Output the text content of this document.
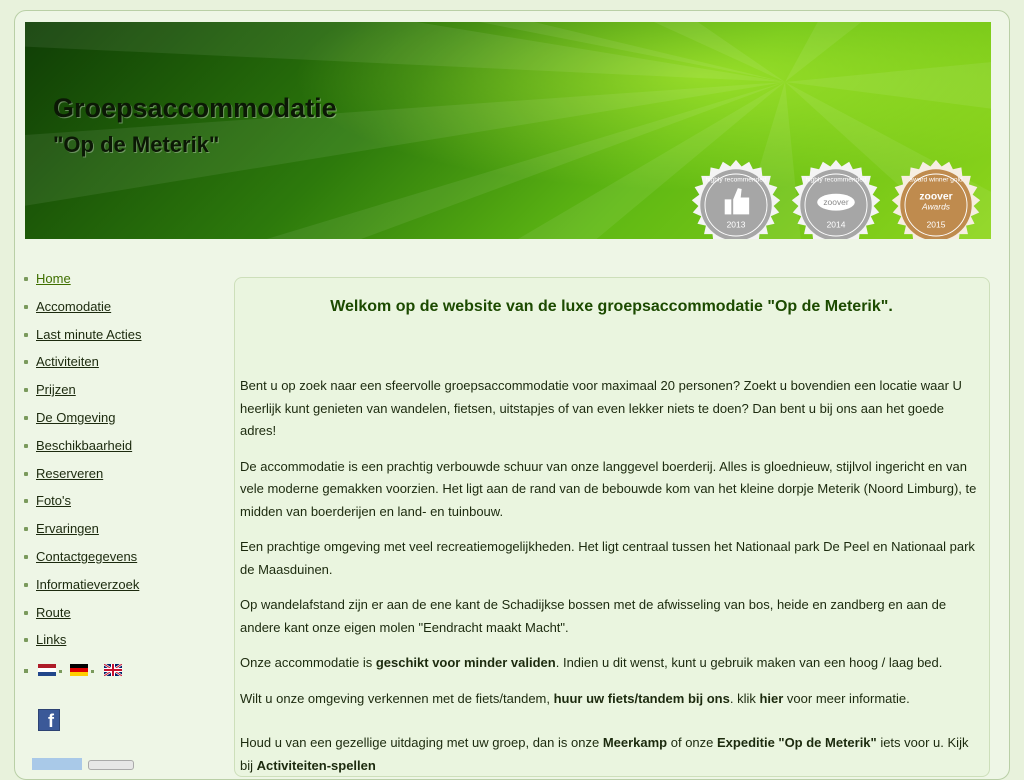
Groepsaccommodatie
"Op de Meterik"
highly recommended
2013
highly recommended
zoover
2014
award winner gold
zoover
Awards
2015
Home
Accomodatie
Last minute Acties
Activiteiten
Prijzen
De Omgeving
Beschikbaarheid
Reserveren
Foto's
Ervaringen
Contactgegevens
Informatieverzoek
Route
Links
f
Welkom op de website van de luxe groepsaccommodatie "Op de Meterik".

Bent u op zoek naar een sfeervolle groepsaccommodatie voor maximaal 20 personen? Zoekt u bovendien een locatie waar U heerlijk kunt genieten van wandelen, fietsen, uitstapjes of van even lekker niets te doen? Dan bent u bij ons aan het goede adres!

De accommodatie is een prachtig verbouwde schuur van onze langgevel boerderij. Alles is gloednieuw, stijlvol ingericht en van vele moderne gemakken voorzien. Het ligt aan de rand van de bebouwde kom van het kleine dorpje Meterik (Noord Limburg), te midden van boerderijen en land- en tuinbouw.

Een prachtige omgeving met veel recreatiemogelijkheden. Het ligt centraal tussen het Nationaal park De Peel en Nationaal park de Maasduinen.

Op wandelafstand zijn er aan de ene kant de Schadijkse bossen met de afwisseling van bos, heide en zandberg en aan de andere kant onze eigen molen "Eendracht maakt Macht".

Onze accommodatie is geschikt voor minder validen. Indien u dit wenst, kunt u gebruik maken van een hoog / laag bed.

Wilt u onze omgeving verkennen met de fiets/tandem, huur uw fiets/tandem bij ons. klik hier voor meer informatie.

Houd u van een gezellige uitdaging met uw groep, dan is onze Meerkamp of onze Expeditie "Op de Meterik" iets voor u. Kijk bij Activiteiten-spellen
